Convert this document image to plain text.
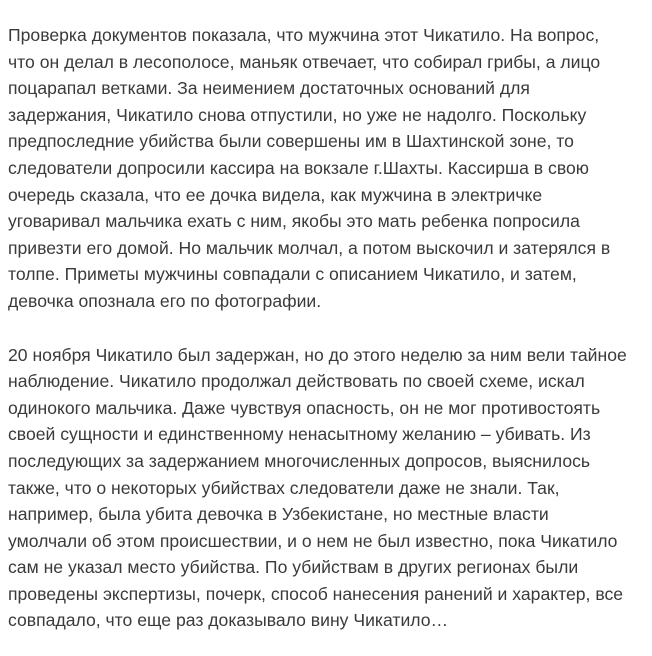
Проверка документов показала, что мужчина этот Чикатило. На вопрос,
что он делал в лесополосе, маньяк отвечает, что собирал грибы, а лицо
поцарапал ветками. За неимением достаточных оснований для
задержания, Чикатило снова отпустили, но уже не надолго. Поскольку
предпоследние убийства были совершены им в Шахтинской зоне, то
следователи допросили кассира на вокзале г.Шахты. Кассирша в свою
очередь сказала, что ее дочка видела, как мужчина в электричке
уговаривал мальчика ехать с ним, якобы это мать ребенка попросила
привезти его домой. Но мальчик молчал, а потом выскочил и затерялся в
толпе. Приметы мужчины совпадали с описанием Чикатило, и затем,
девочка опознала его по фотографии.

20 ноября Чикатило был задержан, но до этого неделю за ним вели тайное
наблюдение. Чикатило продолжал действовать по своей схеме, искал
одинокого мальчика. Даже чувствуя опасность, он не мог противостоять
своей сущности и единственному ненасытному желанию – убивать. Из
последующих за задержанием многочисленных допросов, выяснилось
также, что о некоторых убийствах следователи даже не знали. Так,
например, была убита девочка в Узбекистане, но местные власти
умолчали об этом происшествии, и о нем не был известно, пока Чикатило
сам не указал место убийства. По убийствам в других регионах были
проведены экспертизы, почерк, способ нанесения ранений и характер, все
совпадало, что еще раз доказывало вину Чикатило…
